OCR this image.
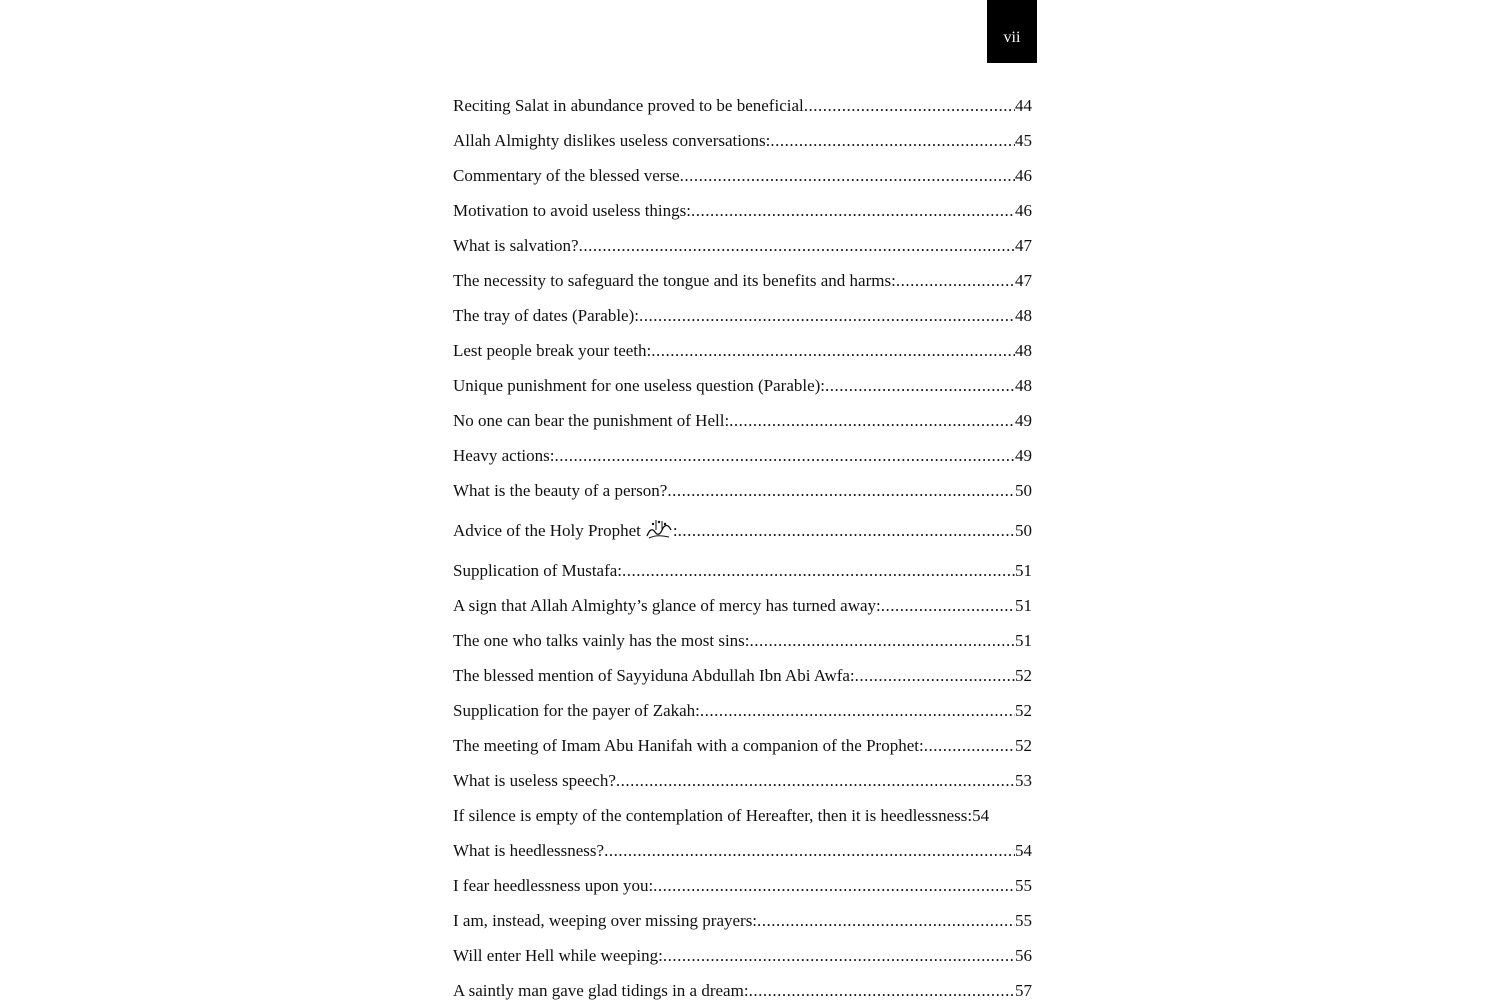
vii
Reciting Salat in abundance proved to be beneficial .....	44
Allah Almighty dislikes useless conversations: .....	45
Commentary of the blessed verse .....	46
Motivation to avoid useless things: .....	46
What is salvation? .....	47
The necessity to safeguard the tongue and its benefits and harms: .....	47
The tray of dates (Parable): .....	48
Lest people break your teeth: .....	48
Unique punishment for one useless question (Parable): .....	48
No one can bear the punishment of Hell: .....	49
Heavy actions: .....	49
What is the beauty of a person? .....	50
Advice of the Holy Prophet : .....	50
Supplication of Mustafa: .....	51
A sign that Allah Almighty’s glance of mercy has turned away: .....	51
The one who talks vainly has the most sins: .....	51
The blessed mention of Sayyiduna Abdullah Ibn Abi Awfa: .....	52
Supplication for the payer of Zakah: .....	52
The meeting of Imam Abu Hanifah with a companion of the Prophet: .....	52
What is useless speech? .....	53
If silence is empty of the contemplation of Hereafter, then it is heedlessness: 54
What is heedlessness? .....	54
I fear heedlessness upon you: .....	55
I am, instead, weeping over missing prayers: .....	55
Will enter Hell while weeping: .....	56
A saintly man gave glad tidings in a dream: .....	57
